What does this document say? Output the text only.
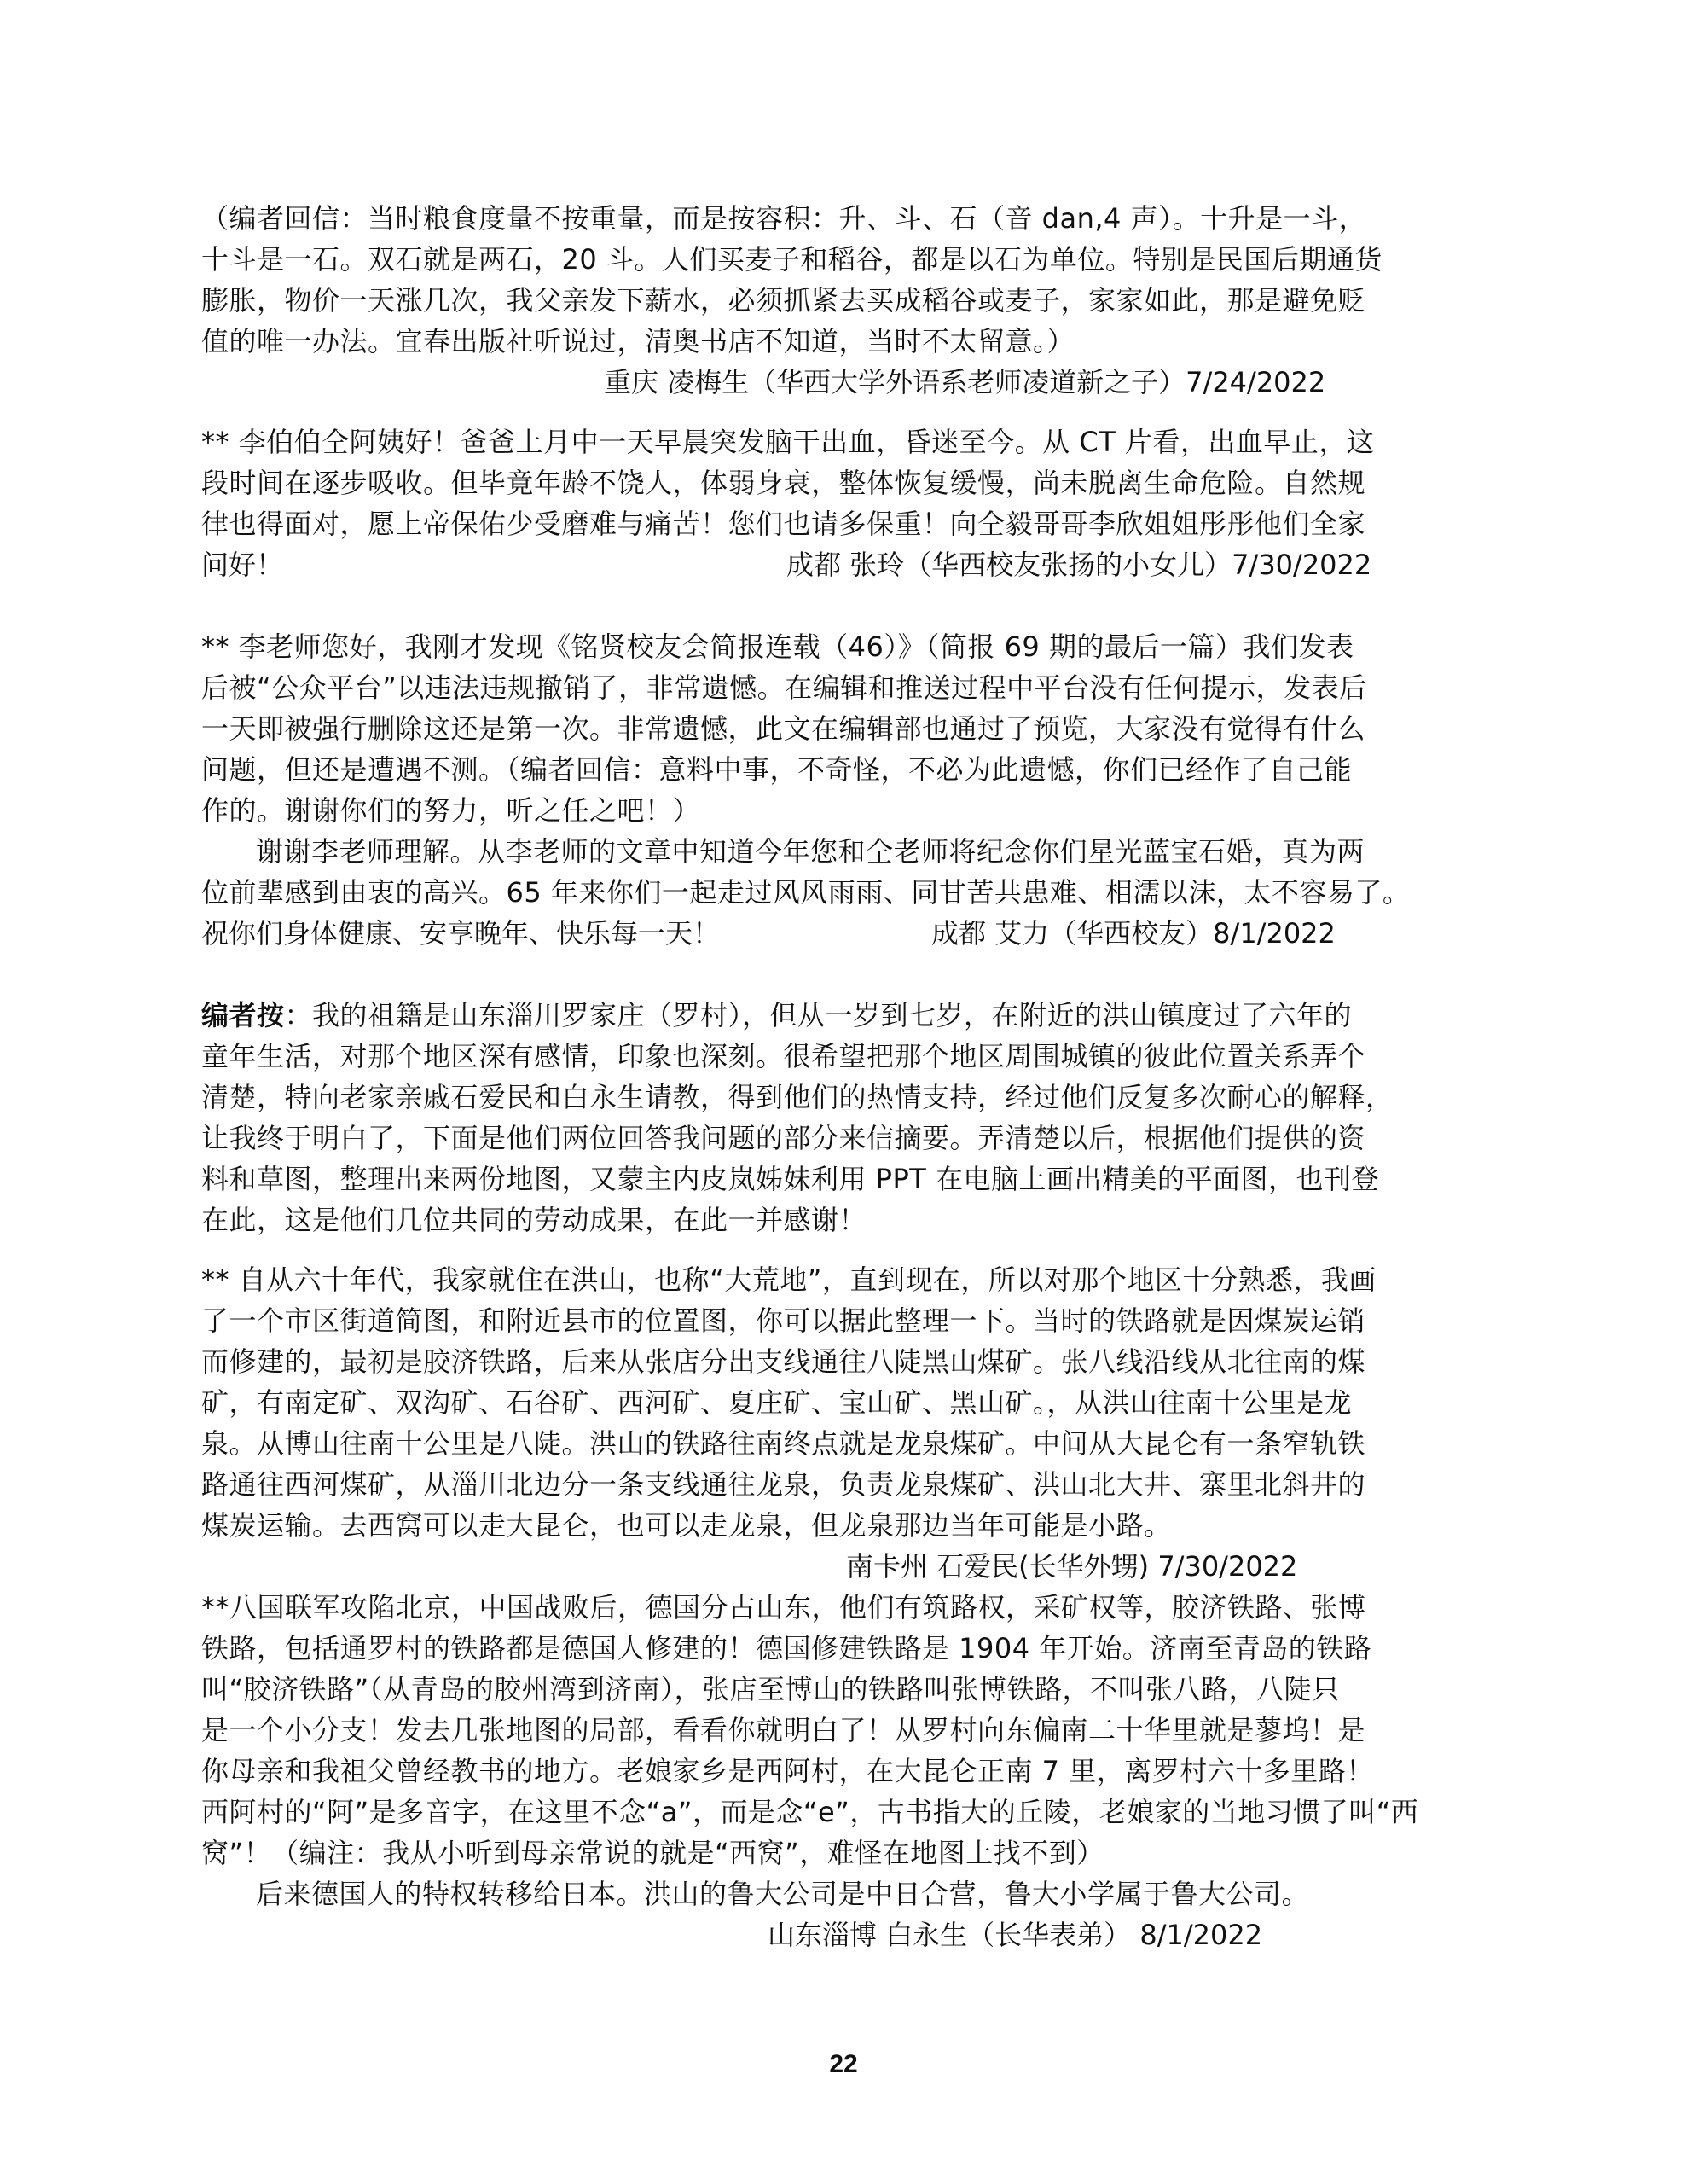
（编者回信：当时粮食度量不按重量，而是按容积：升、斗、石（音 dan,4 声）。十升是一斗，
十斗是一石。双石就是两石，20 斗。人们买麦子和稻谷，都是以石为单位。特别是民国后期通货
膨胀，物价一天涨几次，我父亲发下薪水，必须抓紧去买成稻谷或麦子，家家如此，那是避免贬
值的唯一办法。宜春出版社听说过，清奥书店不知道，当时不太留意。）
重庆 凌梅生（华西大学外语系老师凌道新之子）7/24/2022
** 李伯伯仝阿姨好！爸爸上月中一天早晨突发脑干出血，昏迷至今。从 CT 片看，出血早止，这
段时间在逐步吸收。但毕竟年龄不饶人，体弱身衰，整体恢复缓慢，尚未脱离生命危险。自然规
律也得面对，愿上帝保佑少受磨难与痛苦！您们也请多保重！向仝毅哥哥李欣姐姐彤彤他们全家
问好！	成都 张玲（华西校友张扬的小女儿）7/30/2022
** 李老师您好，我刚才发现《铭贤校友会简报连载（46）》（简报 69 期的最后一篇）我们发表
后被“公众平台”以违法违规撤销了，非常遗憾。在编辑和推送过程中平台没有任何提示，发表后
一天即被强行删除这还是第一次。非常遗憾，此文在编辑部也通过了预览，大家没有觉得有什么
问题，但还是遭遇不测。（编者回信：意料中事，不奇怪，不必为此遗憾，你们已经作了自己能
作的。谢谢你们的努力，听之任之吧！）
谢谢李老师理解。从李老师的文章中知道今年您和仝老师将纪念你们星光蓝宝石婚，真为两
位前辈感到由衷的高兴。65 年来你们一起走过风风雨雨、同甘苦共患难、相濡以沫，太不容易了。
祝你们身体健康、安享晚年、快乐每一天！	成都 艾力（华西校友）8/1/2022
编者按：我的祖籍是山东淄川罗家庄（罗村），但从一岁到七岁，在附近的洪山镇度过了六年的
童年生活，对那个地区深有感情，印象也深刻。很希望把那个地区周围城镇的彼此位置关系弄个
清楚，特向老家亲戚石爱民和白永生请教，得到他们的热情支持，经过他们反复多次耐心的解释，
让我终于明白了，下面是他们两位回答我问题的部分来信摘要。弄清楚以后，根据他们提供的资
料和草图，整理出来两份地图，又蒙主内皮岚姊妹利用 PPT 在电脑上画出精美的平面图，也刊登
在此，这是他们几位共同的劳动成果，在此一并感谢！
** 自从六十年代，我家就住在洪山，也称“大荒地”，直到现在，所以对那个地区十分熟悉，我画
了一个市区街道简图，和附近县市的位置图，你可以据此整理一下。当时的铁路就是因煤炭运销
而修建的，最初是胶济铁路，后来从张店分出支线通往八陡黑山煤矿。张八线沿线从北往南的煤
矿，有南定矿、双沟矿、石谷矿、西河矿、夏庄矿、宝山矿、黑山矿。，从洪山往南十公里是龙
泉。从博山往南十公里是八陡。洪山的铁路往南终点就是龙泉煤矿。中间从大昆仑有一条窄轨铁
路通往西河煤矿，从淄川北边分一条支线通往龙泉，负责龙泉煤矿、洪山北大井、寨里北斜井的
煤炭运输。去西窝可以走大昆仑，也可以走龙泉，但龙泉那边当年可能是小路。
南卡州 石爱民(长华外甥) 7/30/2022
**八国联军攻陷北京，中国战败后，德国分占山东，他们有筑路权，采矿权等，胶济铁路、张博
铁路，包括通罗村的铁路都是德国人修建的！德国修建铁路是 1904 年开始。济南至青岛的铁路
叫“胶济铁路”（从青岛的胶州湾到济南），张店至博山的铁路叫张博铁路，不叫张八路，八陡只
是一个小分支！发去几张地图的局部，看看你就明白了！从罗村向东偏南二十华里就是蓼坞！是
你母亲和我祖父曾经教书的地方。老娘家乡是西阿村，在大昆仑正南 7 里，离罗村六十多里路！
西阿村的“阿”是多音字，在这里不念“a”，而是念“e”，古书指大的丘陵，老娘家的当地习惯了叫“西
窝”！（编注：我从小听到母亲常说的就是“西窝”，难怪在地图上找不到）
后来德国人的特权转移给日本。洪山的鲁大公司是中日合营，鲁大小学属于鲁大公司。
山东淄博 白永生（长华表弟） 8/1/2022
22
